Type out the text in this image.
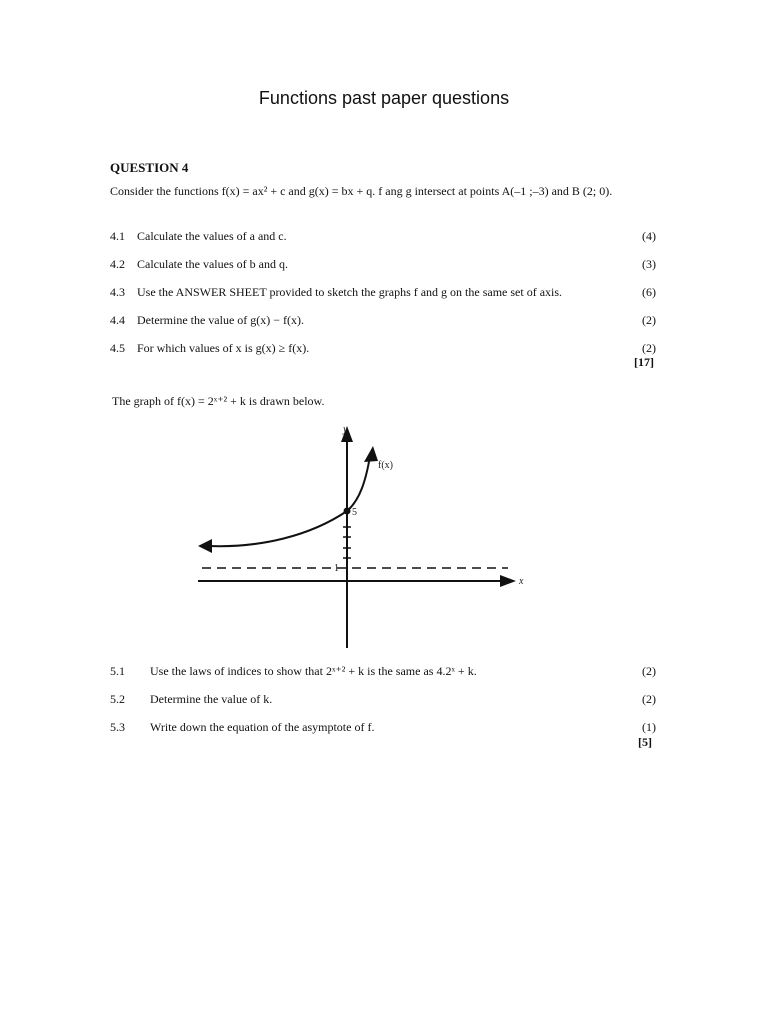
Functions past paper questions
QUESTION 4
Consider the functions f(x) = ax² + c and g(x) = bx + q. f ang g intersect at points A(–1 ;–3) and B (2; 0).
4.1 Calculate the values of a and c.	(4)
4.2 Calculate the values of b and q.	(3)
4.3 Use the ANSWER SHEET provided to sketch the graphs f and g on the same set of axis.	(6)
4.4 Determine the value of g(x) − f(x).	(2)
4.5 For which values of x is g(x) ≥ f(x).	(2)
[17]
The graph of f(x) = 2ˣ⁺² + k is drawn below.
y
x
f(x)
5
1
5.1 Use the laws of indices to show that 2ˣ⁺² + k is the same as 4.2ˣ + k.	(2)
5.2 Determine the value of k.	(2)
5.3 Write down the equation of the asymptote of f.	(1)
[5]
